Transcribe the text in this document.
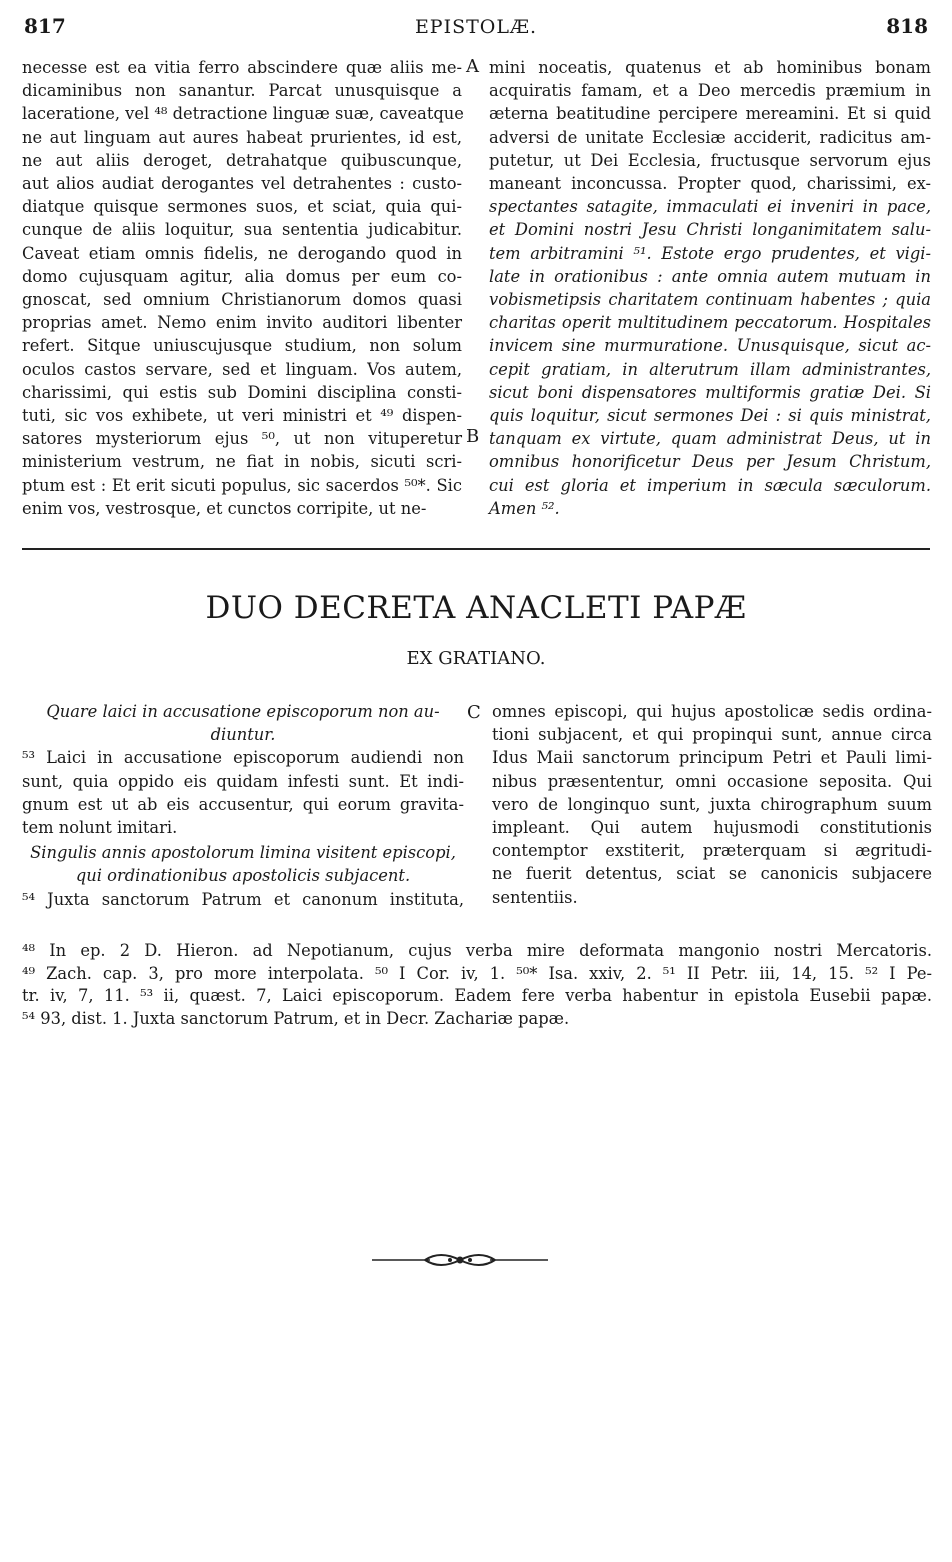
817	EPISTOLÆ.	818
A
B
C
necesse est ea vitia ferro abscindere quæ aliis me-
dicaminibus non sanantur. Parcat unusquisque a
laceratione, vel ⁴⁸ detractione linguæ suæ, caveatque
ne aut linguam aut aures habeat prurientes, id est,
ne aut aliis deroget, detrahatque quibuscunque,
aut alios audiat derogantes vel detrahentes : custo-
diatque quisque sermones suos, et sciat, quia qui-
cunque de aliis loquitur, sua sententia judicabitur.
Caveat etiam omnis fidelis, ne derogando quod in
domo cujusquam agitur, alia domus per eum co-
gnoscat, sed omnium Christianorum domos quasi
proprias amet. Nemo enim invito auditori libenter
refert. Sitque uniuscujusque studium, non solum
oculos castos servare, sed et linguam. Vos autem,
charissimi, qui estis sub Domini disciplina consti-
tuti, sic vos exhibete, ut veri ministri et ⁴⁹ dispen-
satores mysteriorum ejus ⁵⁰, ut non vituperetur
ministerium vestrum, ne fiat in nobis, sicuti scri-
ptum est : Et erit sicuti populus, sic sacerdos ⁵⁰*. Sic
enim vos, vestrosque, et cunctos corripite, ut ne-
mini noceatis, quatenus et ab hominibus bonam
acquiratis famam, et a Deo mercedis præmium in
æterna beatitudine percipere mereamini. Et si quid
adversi de unitate Ecclesiæ acciderit, radicitus am-
putetur, ut Dei Ecclesia, fructusque servorum ejus
maneant inconcussa. Propter quod, charissimi, ex-
spectantes satagite, immaculati ei inveniri in pace,
et Domini nostri Jesu Christi longanimitatem salu-
tem arbitramini ⁵¹. Estote ergo prudentes, et vigi-
late in orationibus : ante omnia autem mutuam in
vobismetipsis charitatem continuam habentes ; quia
charitas operit multitudinem peccatorum. Hospitales
invicem sine murmuratione. Unusquisque, sicut ac-
cepit gratiam, in alterutrum illam administrantes,
sicut boni dispensatores multiformis gratiæ Dei. Si
quis loquitur, sicut sermones Dei : si quis ministrat,
tanquam ex virtute, quam administrat Deus, ut in
omnibus honorificetur Deus per Jesum Christum,
cui est gloria et imperium in sæcula sæculorum.
Amen ⁵².
DUO DECRETA ANACLETI PAPÆ
EX GRATIANO.
Quare laici in accusatione episcoporum non au-
diuntur.
⁵³ Laici in accusatione episcoporum audiendi non
sunt, quia oppido eis quidam infesti sunt. Et indi-
gnum est ut ab eis accusentur, qui eorum gravita-
tem nolunt imitari.
Singulis annis apostolorum limina visitent episcopi,
qui ordinationibus apostolicis subjacent.
⁵⁴ Juxta sanctorum Patrum et canonum instituta,
omnes episcopi, qui hujus apostolicæ sedis ordina-
tioni subjacent, et qui propinqui sunt, annue circa
Idus Maii sanctorum principum Petri et Pauli limi-
nibus præsententur, omni occasione seposita. Qui
vero de longinquo sunt, juxta chirographum suum
impleant. Qui autem hujusmodi constitutionis
contemptor exstiterit, præterquam si ægritudi-
ne fuerit detentus, sciat se canonicis subjacere
sententiis.
⁴⁸ In ep. 2 D. Hieron. ad Nepotianum, cujus verba mire deformata mangonio nostri Mercatoris.
⁴⁹ Zach. cap. 3, pro more interpolata. ⁵⁰ I Cor. iv, 1. ⁵⁰* Isa. xxiv, 2. ⁵¹ II Petr. iii, 14, 15. ⁵² I Pe-
tr. iv, 7, 11. ⁵³ ii, quæst. 7, Laici episcoporum. Eadem fere verba habentur in epistola Eusebii papæ.
⁵⁴ 93, dist. 1. Juxta sanctorum Patrum, et in Decr. Zachariæ papæ.
